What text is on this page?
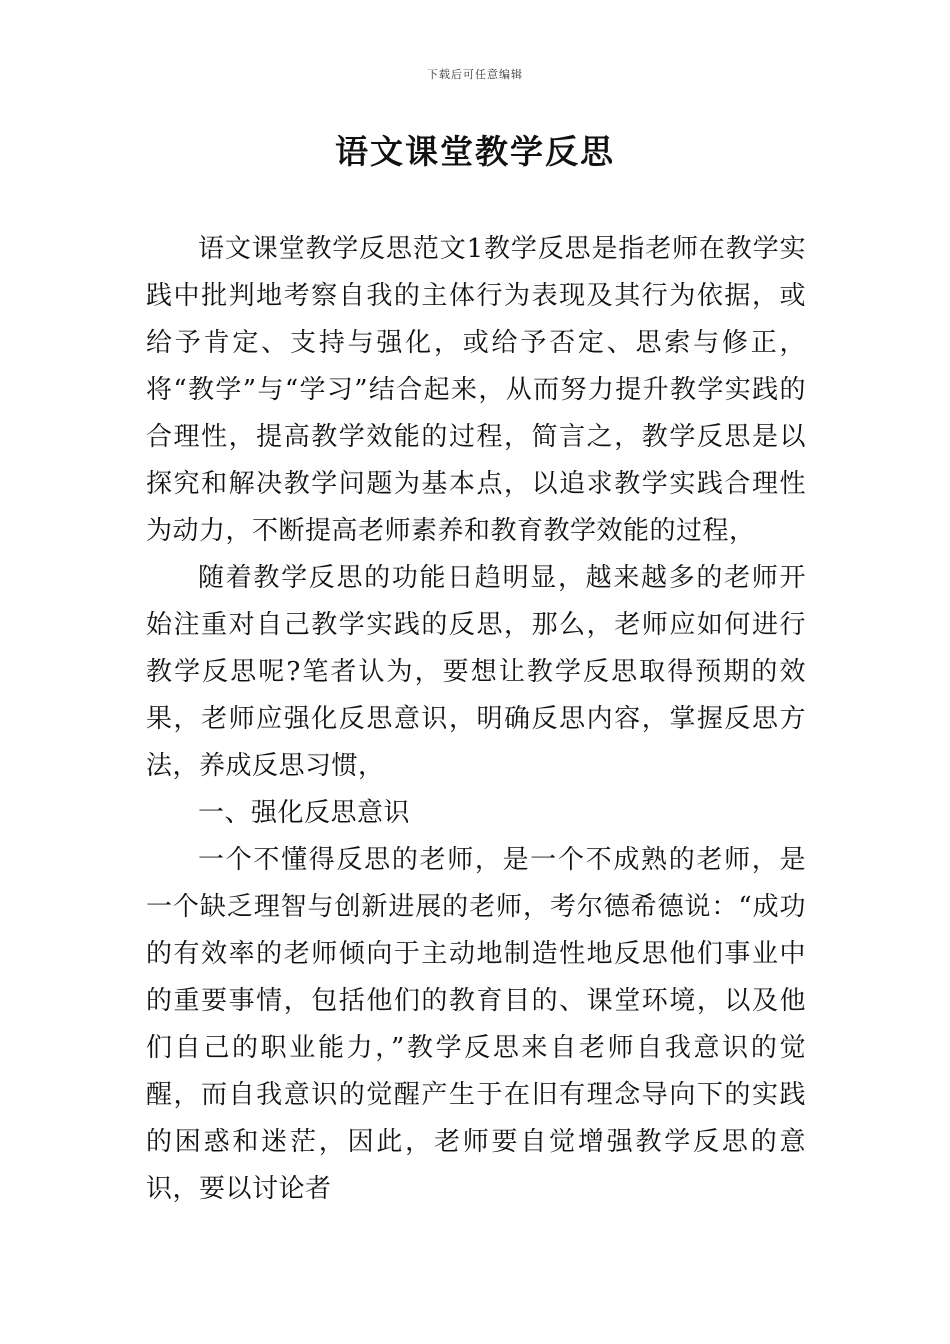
下载后可任意编辑
语文课堂教学反思

语文课堂教学反思范文1教学反思是指老师在教学实践中批判地考察自我的主体行为表现及其行为依据，或给予肯定、支持与强化，或给予否定、思索与修正，将“教学”与“学习”结合起来，从而努力提升教学实践的合理性，提高教学效能的过程，简言之，教学反思是以探究和解决教学问题为基本点，以追求教学实践合理性为动力，不断提高老师素养和教育教学效能的过程，

随着教学反思的功能日趋明显，越来越多的老师开始注重对自己教学实践的反思，那么，老师应如何进行教学反思呢?笔者认为，要想让教学反思取得预期的效果，老师应强化反思意识，明确反思内容，掌握反思方法，养成反思习惯，

一、强化反思意识

一个不懂得反思的老师，是一个不成熟的老师，是一个缺乏理智与创新进展的老师，考尔德希德说：“成功的有效率的老师倾向于主动地制造性地反思他们事业中的重要事情，包括他们的教育目的、课堂环境，以及他们自己的职业能力，”教学反思来自老师自我意识的觉醒，而自我意识的觉醒产生于在旧有理念导向下的实践的困惑和迷茫，因此，老师要自觉增强教学反思的意识，要以讨论者
